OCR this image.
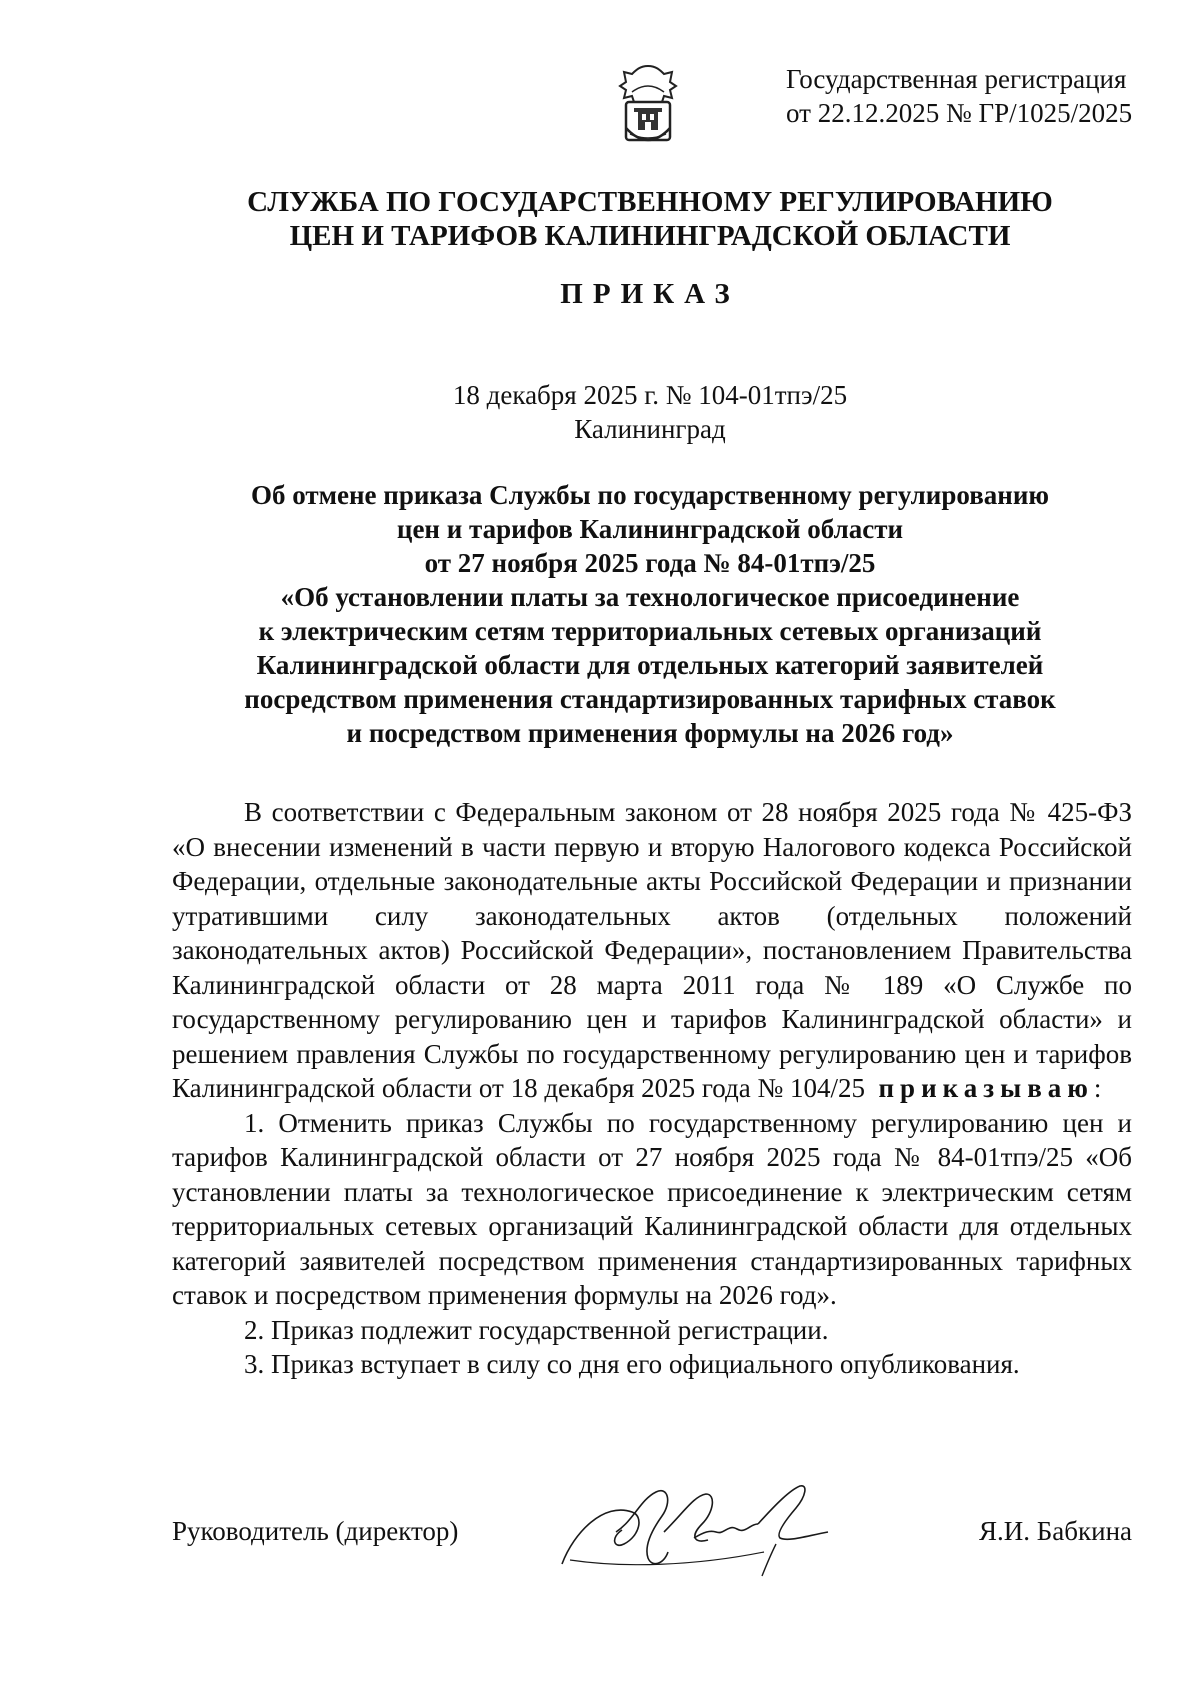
Государственная регистрация
от 22.12.2025 № ГР/1025/2025
СЛУЖБА ПО ГОСУДАРСТВЕННОМУ РЕГУЛИРОВАНИЮ
ЦЕН И ТАРИФОВ КАЛИНИНГРАДСКОЙ ОБЛАСТИ
ПРИКАЗ
18 декабря 2025 г. № 104-01тпэ/25
Калининград
Об отмене приказа Службы по государственному регулированию
цен и тарифов Калининградской области
от 27 ноября 2025 года № 84-01тпэ/25
«Об установлении платы за технологическое присоединение
к электрическим сетям территориальных сетевых организаций
Калининградской области для отдельных категорий заявителей
посредством применения стандартизированных тарифных ставок
и посредством применения формулы на 2026 год»

В соответствии с Федеральным законом от 28 ноября 2025 года № 425-ФЗ «О внесении изменений в части первую и вторую Налогового кодекса Российской Федерации, отдельные законодательные акты Российской Федерации и признании утратившими силу законодательных актов (отдельных положений законодательных актов) Российской Федерации», постановлением Правительства Калининградской области от 28 марта 2011 года № 189 «О Службе по государственному регулированию цен и тарифов Калининградской области» и решением правления Службы по государственному регулированию цен и тарифов Калининградской области от 18 декабря 2025 года № 104/25 приказываю:

1. Отменить приказ Службы по государственному регулированию цен и тарифов Калининградской области от 27 ноября 2025 года № 84-01тпэ/25 «Об установлении платы за технологическое присоединение к электрическим сетям территориальных сетевых организаций Калининградской области для отдельных категорий заявителей посредством применения стандартизированных тарифных ставок и посредством применения формулы на 2026 год».

2. Приказ подлежит государственной регистрации.

3. Приказ вступает в силу со дня его официального опубликования.

Руководитель (директор)	Я.И. Бабкина
